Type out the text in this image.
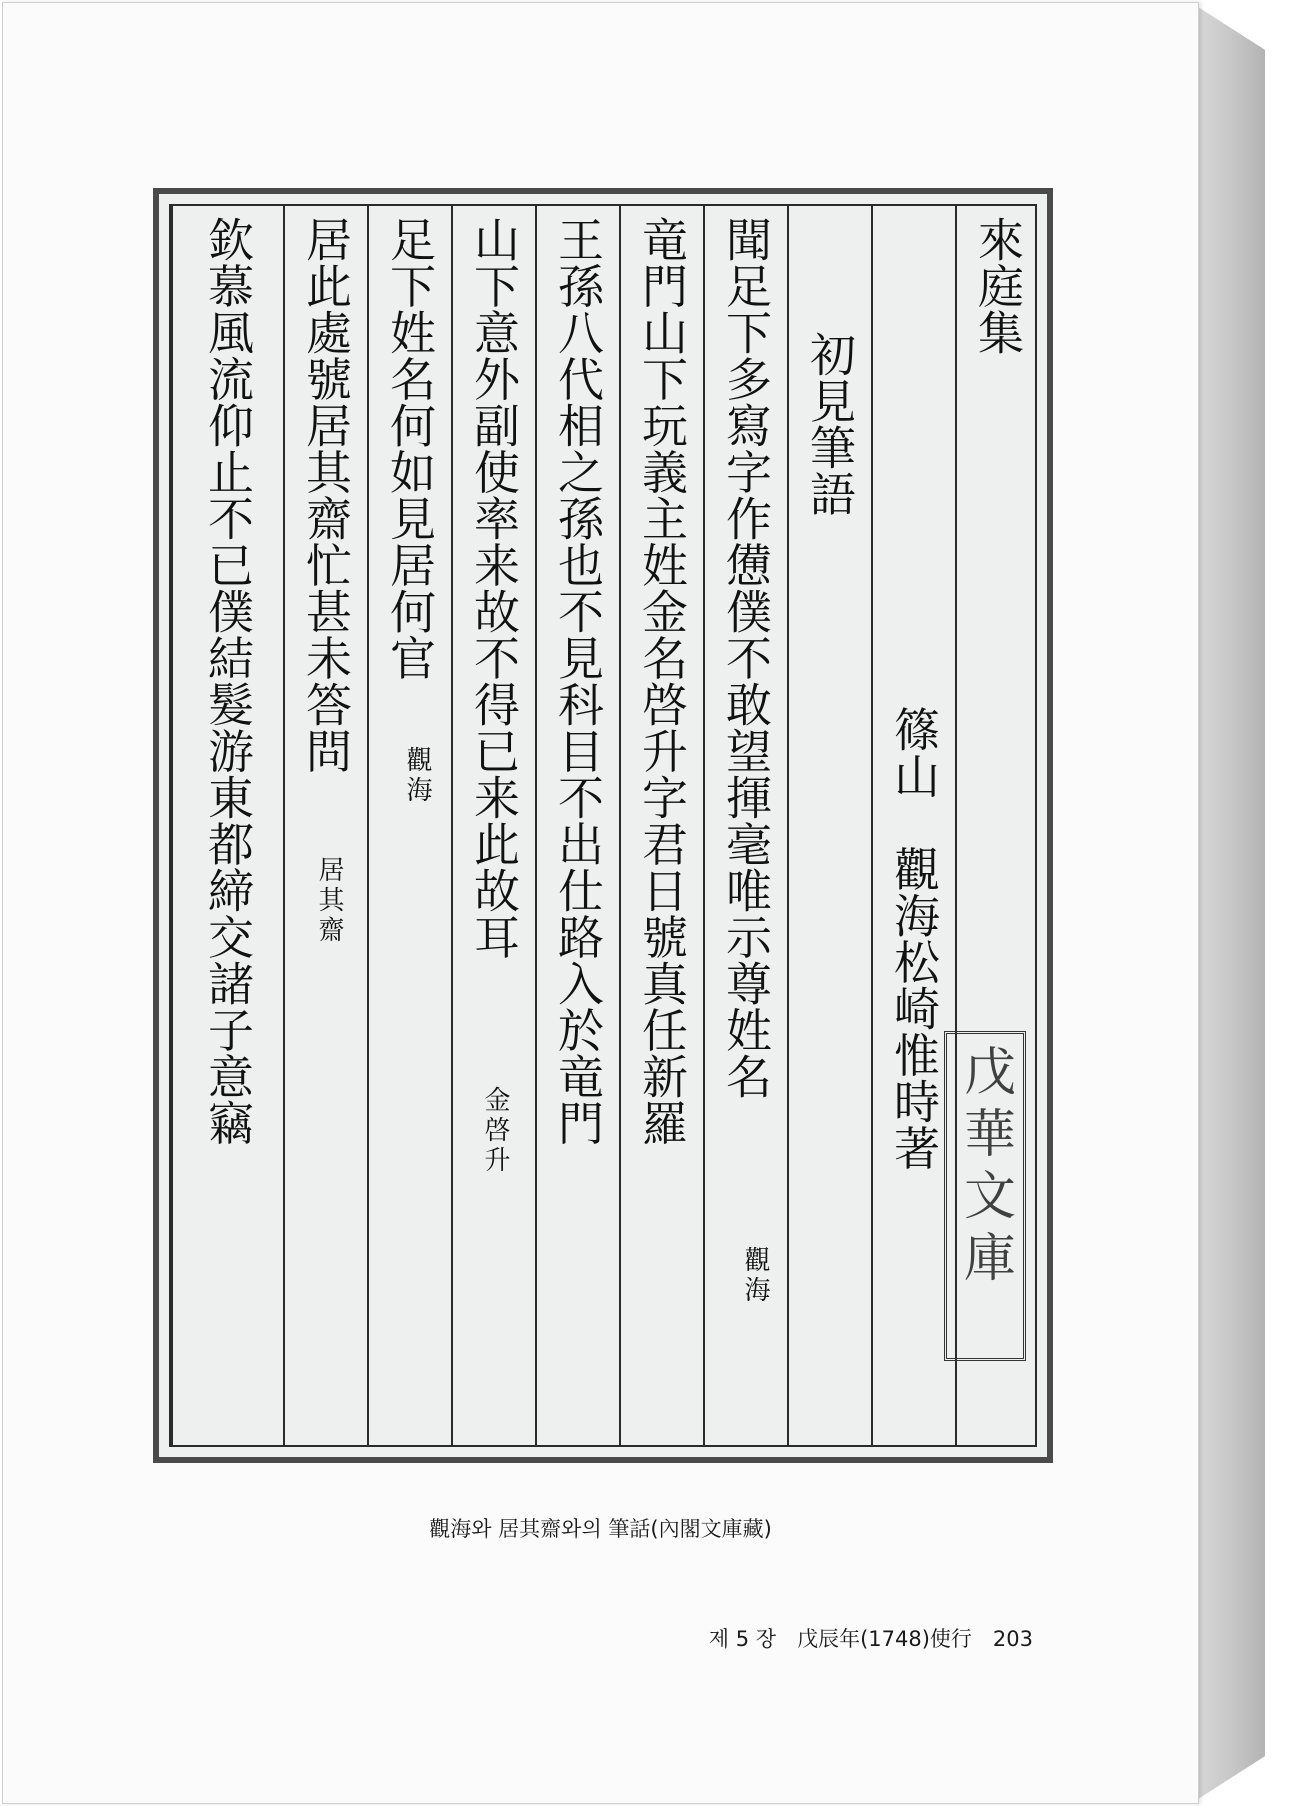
來庭集
篠山　觀海松崎惟時著
初見筆語
聞足下多寫字作憊僕不敢望揮毫唯示尊姓名
觀海
竜門山下玩義主姓金名啓升字君日號真任新羅
王孫八代相之孫也不見科目不出仕路入於竜門
山下意外副使率来故不得已来此故耳
金啓升
足下姓名何如見居何官
觀海
居此處號居其齋忙甚未答問
居其齋
欽慕風流仰止不已僕結髮游東都締交諸子意竊
戊華文庫
觀海와 居其齋와의 筆話(內閣文庫藏)
제 5 장　戊辰年(1748)使行　203
